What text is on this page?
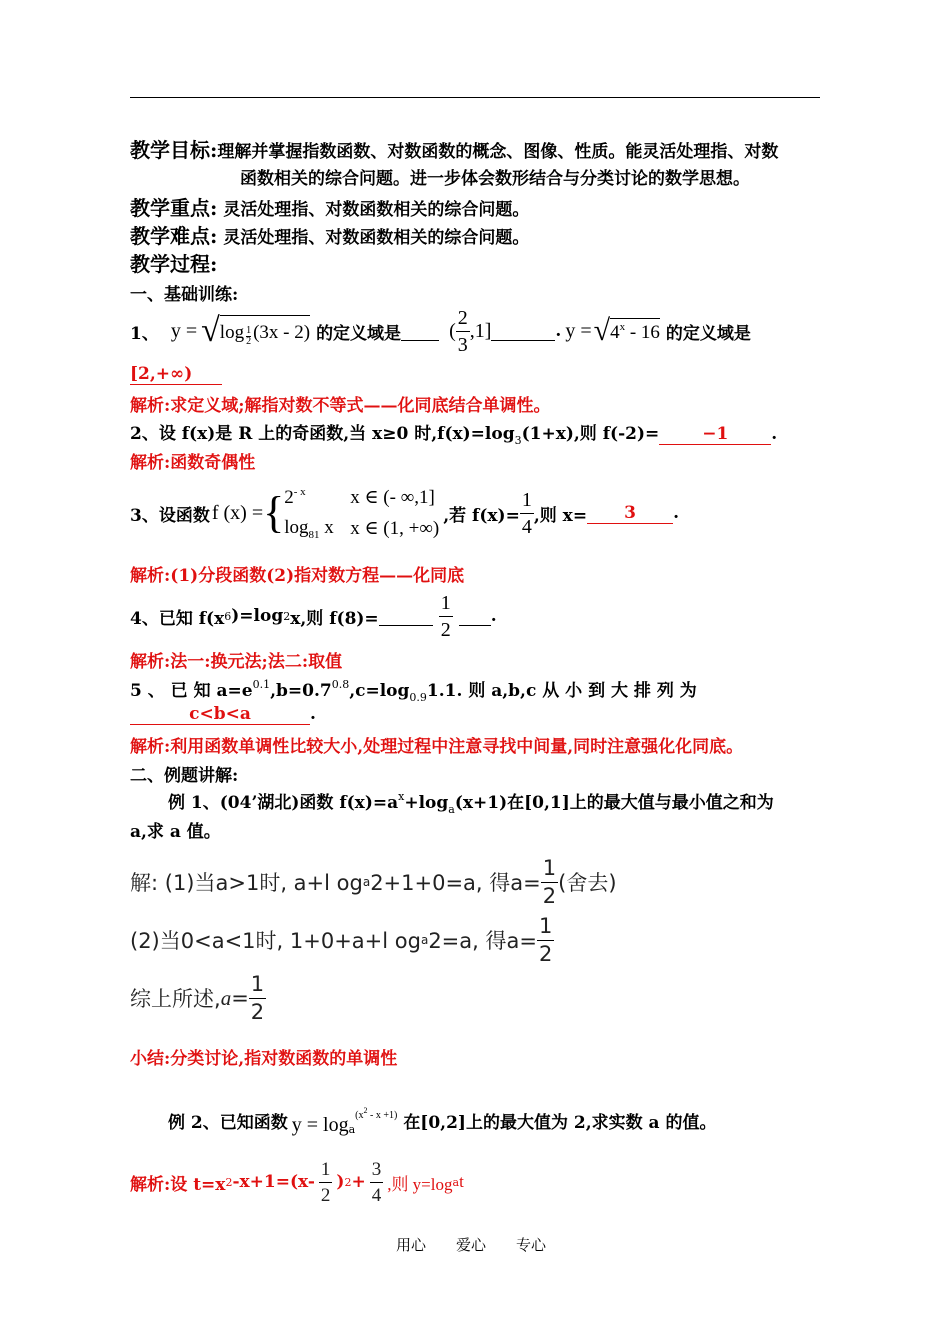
教学目标:理解并掌握指数函数、对数函数的概念、图像、性质。能灵活处理指、对数
函数相关的综合问题。进一步体会数形结合与分类讨论的数学思想。
教学重点: 灵活处理指、对数函数相关的综合问题。
教学难点: 灵活处理指、对数函数相关的综合问题。
教学过程:
一、基础训练:
1、 y = √ $\log \frac{1}{2} (3x - 2)$ 的定义域是 ( $\frac{2}{3} ,1$]	. y = √ 4$^x$ - 16 的定义域是
[2,+∞)
解析:求定义域;解指对数不等式——化同底结合单调性。
2、设 f(x)是 R 上的奇函数,当 x≥0 时$,f(x)=\log_3(1+x)$,则 f(-2)=	−1	.
解析:函数奇偶性
3、设函数 f (x) = { $2^{- x}$	x ∈ (- ∞,1]
$\log_{81} x$ x ∈ (1, +∞)
,若 $f(x)= \frac{1}{4}$ ,则 x=	3	.
解析:(1)分段函数(2)指对数方程——化同底
4、已知 f(x 6 )=log 2 x,则 f(8)=	$\frac{1}{2}$ .
解析:法一:换元法;法二:取值
5 、 已 知 $a=e^{0.1},b=0.7^{0.8},c=\log_{0.9}1.1$. 则 a,b,c 从 小 到 大 排 列 为
c<b<a	.
解析:利用函数单调性比较大小,处理过程中注意寻找中间量,同时注意强化化同底。
二、例题讲解:
例 1、(04’湖北)函数 $f(x)=a^x+\log_a(x+1)$在[0,1]上的最大值与最小值之和为
a,求 a 值。
解: (1)当a>1时, a+l og a 2+1+0=a, 得$a= \frac{1}{2}$ (舍去)
(2)当0<a<1时, 1+0+a+l og a 2=a, 得$a= \frac{1}{2}$
综上所述, $a = \frac{1}{2}$
小结:分类讨论,指对数函数的单调性
例 2、已知函数 y = log a
$(x^2 - x +1)$ 在[0,2]上的最大值为 2,求实数 a 的值。
解析:设 t=x 2 $-x+1=(x- \frac{1}{2}$ ) $2 + \frac{3}{4}$ ,则 y=log a t
用心 爱心 专心
